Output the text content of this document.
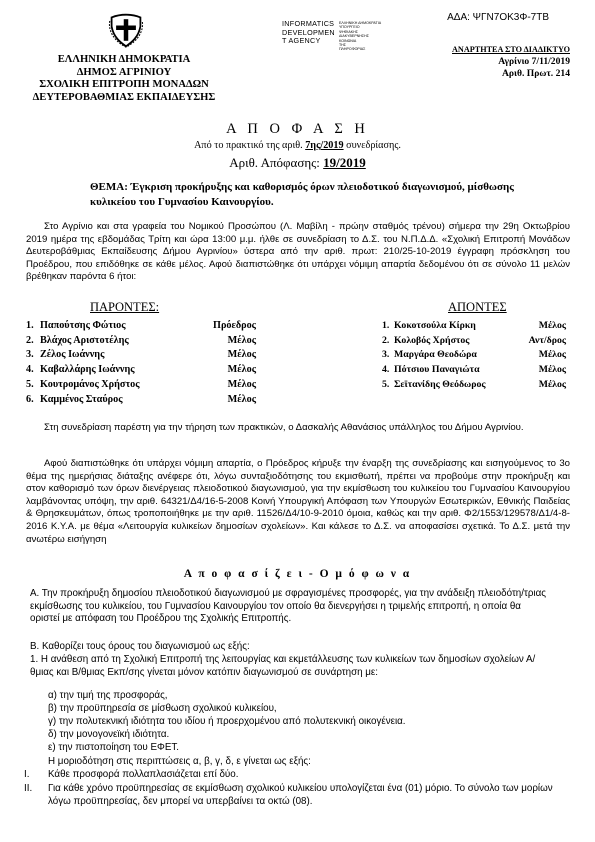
ΑΔΑ: ΨΓΝ7ΟΚ3Φ-7ΤΒ
ΕΛΛΗΝΙΚΗ ΔΗΜΟΚΡΑΤΙΑ
ΔΗΜΟΣ ΑΓΡΙΝΙΟΥ
ΣΧΟΛΙΚΗ ΕΠΙΤΡΟΠΗ ΜΟΝΑΔΩΝ
ΔΕΥΤΕΡΟΒΑΘΜΙΑΣ ΕΚΠΑΙΔΕΥΣΗΣ
INFORMATICS
DEVELOPMEN
T AGENCY
ΕΛΛΗΝΙΚΗ ΔΗΜΟΚΡΑΤΙΑ
ΥΠΟΥΡΓΕΙΟ
ΨΗΦΙΑΚΗΣ
ΔΙΑΚΥΒΕΡΝΗΣΗΣ
ΚΟΙΝΩΝΙΑ
ΤΗΣ
ΠΛΗΡΟΦΟΡΙΑΣ	ΑΝΑΡΤΗΤΕΑ ΣΤΟ ΔΙΑΔΙΚΤΥΟ
Αγρίνιο 7/11/2019
Αριθ. Πρωτ. 214
Α Π Ο Φ Α Σ Η
Από το πρακτικό της αριθ. 7ης/2019 συνεδρίασης.
Αριθ. Απόφασης: 19/2019
ΘΕΜΑ: Έγκριση προκήρυξης και καθορισμός όρων πλειοδοτικού διαγωνισμού, μίσθωσης κυλικείου του Γυμνασίου Καινουργίου.
Στο Αγρίνιο και στα γραφεία του Νομικού Προσώπου (Λ. Μαβίλη - πρώην σταθμός τρένου) σήμερα την 29η Οκτωβρίου 2019 ημέρα της εβδομάδας Τρίτη και ώρα 13:00 μ.μ. ήλθε σε συνεδρίαση το Δ.Σ. του Ν.Π.Δ.Δ. «Σχολική Επιτροπή Μονάδων Δευτεροβάθμιας Εκπαίδευσης Δήμου Αγρινίου» ύστερα από την αριθ. πρωτ: 210/25-10-2019 έγγραφη πρόσκληση του Προέδρου, που επιδόθηκε σε κάθε μέλος. Αφού διαπιστώθηκε ότι υπάρχει νόμιμη απαρτία δεδομένου ότι σε σύνολο 11 μελών βρέθηκαν παρόντα 6 ήτοι:
ΠΑΡΟΝΤΕΣ:	ΑΠΟΝΤΕΣ
1. Παπούτσης Φώτιος	Πρόεδρος
2. Βλάχος Αριστοτέλης	Μέλος
3. Ζέλος Ιωάννης	Μέλος
4. Καβαλλάρης Ιωάννης	Μέλος
5. Κουτρομάνος Χρήστος	Μέλος
6. Καμμένος Σταύρος	Μέλος
1. Κοκοτσούλα Κίρκη	Μέλος
2. Κολοβός Χρήστος	Αντ/δρος
3. Μαργάρα Θεοδώρα	Μέλος
4. Πότσιου Παναγιώτα	Μέλος
5. Σεϊτανίδης Θεόδωρος	Μέλος
Στη συνεδρίαση παρέστη για την τήρηση των πρακτικών, ο Δασκαλής Αθανάσιος υπάλληλος του Δήμου Αγρινίου.
Αφού διαπιστώθηκε ότι υπάρχει νόμιμη απαρτία, ο Πρόεδρος κήρυξε την έναρξη της συνεδρίασης και εισηγούμενος το 3ο θέμα της ημερήσιας διάταξης ανέφερε ότι, λόγω συνταξιοδότησης του εκμισθωτή, πρέπει να προβούμε στην προκήρυξη και στον καθορισμό των όρων διενέργειας πλειοδοτικού διαγωνισμού, για την εκμίσθωση του κυλικείου του Γυμνασίου Καινουργίου λαμβάνοντας υπόψη, την αριθ. 64321/Δ4/16-5-2008 Κοινή Υπουργική Απόφαση των Υπουργών Εσωτερικών, Εθνικής Παιδείας & Θρησκευμάτων, όπως τροποποιήθηκε με την αριθ. 11526/Δ4/10-9-2010 όμοια, καθώς και την αριθ. Φ2/1553/129578/Δ1/4-8-2016 Κ.Υ.Α. με θέμα «Λειτουργία κυλικείων δημοσίων σχολείων». Και κάλεσε το Δ.Σ. να αποφασίσει σχετικά. Το Δ.Σ. μετά την ανωτέρω εισήγηση
Α π ο φ α σ ί ζ ε ι - Ο μ ό φ ω ν α
Α. Την προκήρυξη δημοσίου πλειοδοτικού διαγωνισμού με σφραγισμένες προσφορές, για την ανάδειξη πλειοδότη/τριας εκμίσθωσης του κυλικείου, του Γυμνασίου Καινουργίου τον οποίο θα διενεργήσει η τριμελής επιτροπή, η οποία θα οριστεί με απόφαση του Προέδρου της Σχολικής Επιτροπής.
Β. Καθορίζει τους όρους του διαγωνισμού ως εξής:
1. Η ανάθεση από τη Σχολική Επιτροπή της λειτουργίας και εκμετάλλευσης των κυλικείων των δημοσίων σχολείων Α/θμιας και Β/θμιας Εκπ/σης γίνεται μόνον κατόπιν διαγωνισμού σε συνάρτηση με:
α) την τιμή της προσφοράς,
β) την προϋπηρεσία σε μίσθωση σχολικού κυλικείου,
γ) την πολυτεκνική ιδιότητα του ιδίου ή προερχομένου από πολυτεκνική οικογένεια.
δ) την μονογονεϊκή ιδιότητα.
ε) την πιστοποίηση του ΕΦΕΤ.
Η μοριοδότηση στις περιπτώσεις α, β, γ, δ, ε γίνεται ως εξής:
Ι.	Κάθε προσφορά πολλαπλασιάζεται επί δύο.
ΙΙ.	Για κάθε χρόνο προϋπηρεσίας σε εκμίσθωση σχολικού κυλικείου υπολογίζεται ένα (01) μόριο. Το σύνολο των μορίων λόγω προϋπηρεσίας, δεν μπορεί να υπερβαίνει τα οκτώ (08).
